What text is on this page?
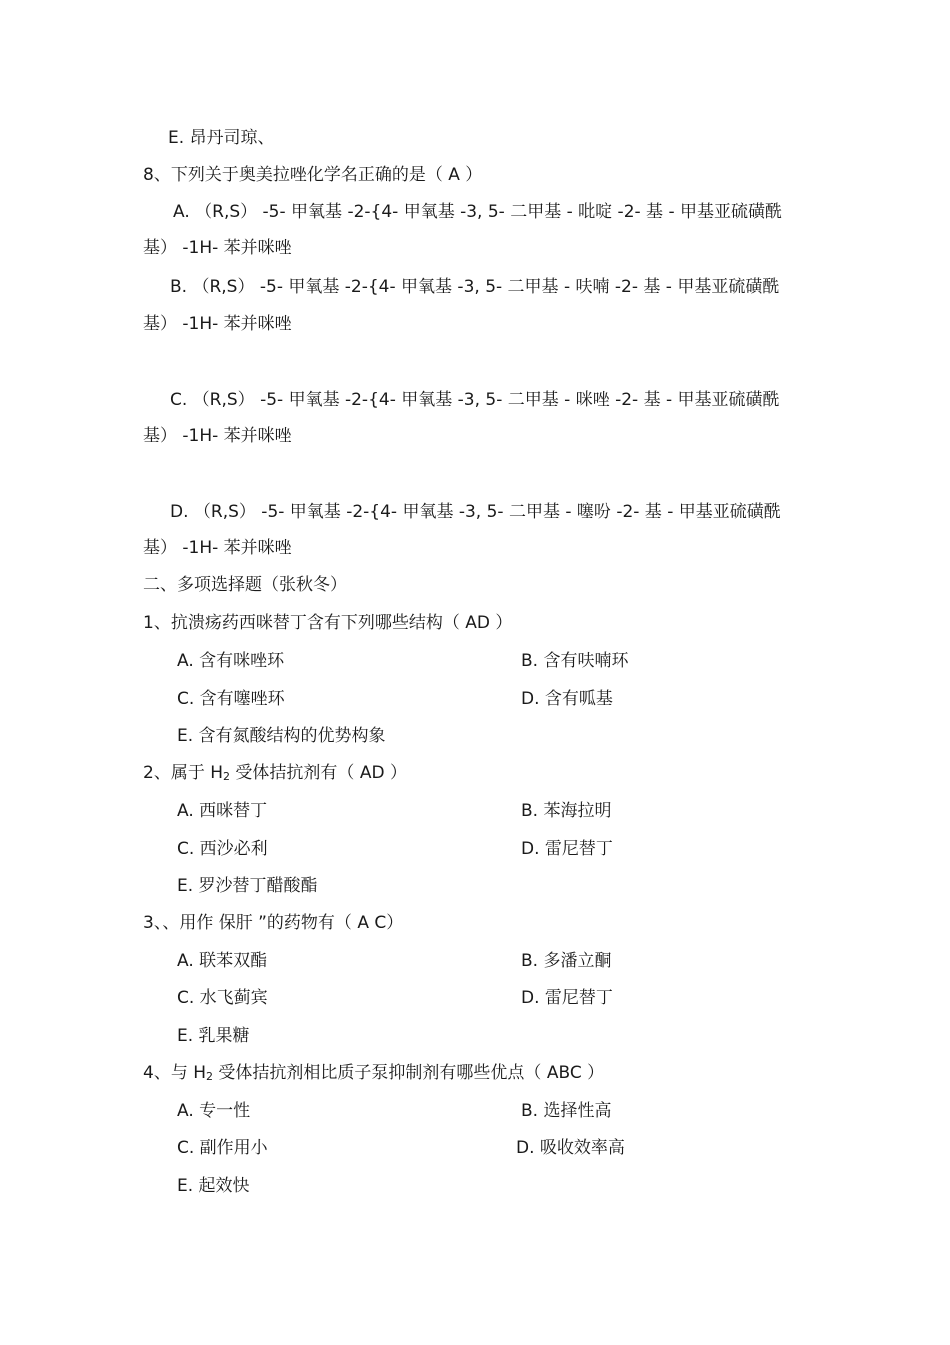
E. 昂丹司琼、
8、下列关于奥美拉唑化学名正确的是（ A ）
A. （R,S） -5- 甲氧基 -2-{4- 甲氧基 -3, 5- 二甲基 - 吡啶 -2- 基 - 甲基亚硫磺酰
基） -1H- 苯并咪唑
B. （R,S） -5- 甲氧基 -2-{4- 甲氧基 -3, 5- 二甲基 - 呋喃 -2- 基 - 甲基亚硫磺酰
基） -1H- 苯并咪唑
C. （R,S） -5- 甲氧基 -2-{4- 甲氧基 -3, 5- 二甲基 - 咪唑 -2- 基 - 甲基亚硫磺酰
基） -1H- 苯并咪唑
D. （R,S） -5- 甲氧基 -2-{4- 甲氧基 -3, 5- 二甲基 - 噻吩 -2- 基 - 甲基亚硫磺酰
基） -1H- 苯并咪唑
二、多项选择题（张秋冬）
1、抗溃疡药西咪替丁含有下列哪些结构（ AD ）
A. 含有咪唑环	B. 含有呋喃环
C. 含有噻唑环	D. 含有呱基
E. 含有氮酸结构的优势构象
2、属于 $H_2$ 受体拮抗剂有（ AD ）
A. 西咪替丁	B. 苯海拉明
C. 西沙必利	D. 雷尼替丁
E. 罗沙替丁醋酸酯
3、、用作 保肝 ”的药物有（ A C）
A. 联苯双酯	B. 多潘立酮
C. 水飞蓟宾	D. 雷尼替丁
E. 乳果糖
4、与 $H_2$ 受体拮抗剂相比质子泵抑制剂有哪些优点（ ABC ）
A. 专一性	B. 选择性高
C. 副作用小	D. 吸收效率高
E. 起效快
